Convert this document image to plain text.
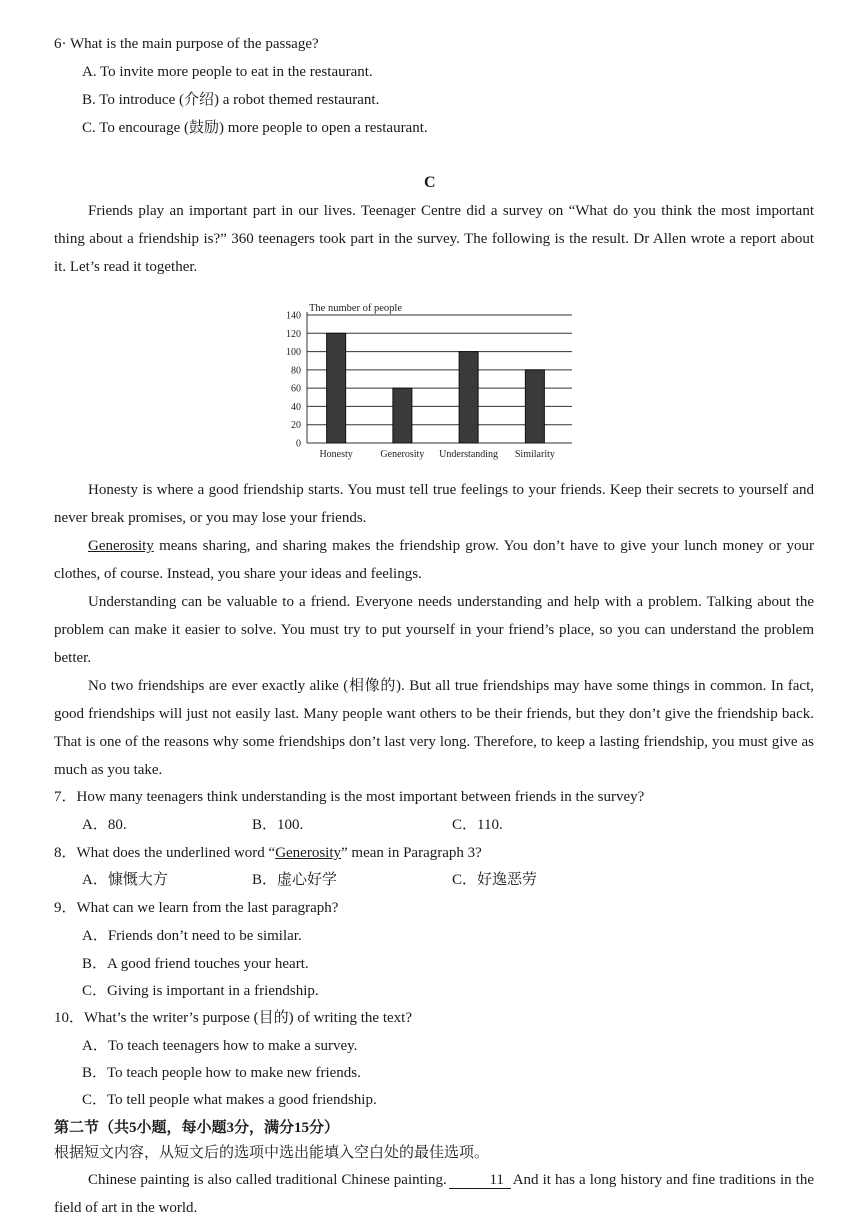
6· What is the main purpose of the passage?
A. To invite more people to eat in the restaurant.
B. To introduce (介绍) a robot themed restaurant.
C. To encourage (鼓励) more people to open a restaurant.
C

Friends play an important part in our lives. Teenager Centre did a survey on “What do you think the most important thing about a friendship is?” 360 teenagers took part in the survey. The following is the result. Dr Allen wrote a report about it. Let’s read it together.

0
20
40
60
80
100
120
140
The number of people
Honesty	Generosity Understanding Similarity

Honesty is where a good friendship starts. You must tell true feelings to your friends. Keep their secrets to yourself and never break promises, or you may lose your friends.

Generosity means sharing, and sharing makes the friendship grow. You don’t have to give your lunch money or your clothes, of course. Instead, you share your ideas and feelings.

Understanding can be valuable to a friend. Everyone needs understanding and help with a problem. Talking about the problem can make it easier to solve. You must try to put yourself in your friend’s place, so you can understand the problem better.

No two friendships are ever exactly alike (相像的). But all true friendships may have some things in common. In fact, good friendships will just not easily last. Many people want others to be their friends, but they don’t give the friendship back. That is one of the reasons why some friendships don’t last very long. Therefore, to keep a lasting friendship, you must give as much as you take.

7．How many teenagers think understanding is the most important between friends in the survey?
A．80.	B．100.	C．110.
8．What does the underlined word “Generosity” mean in Paragraph 3?
A．慷慨大方	B．虚心好学	C．好逸恶劳
9．What can we learn from the last paragraph?
A．Friends don’t need to be similar.
B．A good friend touches your heart.
C．Giving is important in a friendship.
10．What’s the writer’s purpose (目的) of writing the text?
A．To teach teenagers how to make a survey.
B．To teach people how to make new friends.
C．To tell people what makes a good friendship.
第二节（共5小题，每小题3分，满分15分）
根据短文内容，从短文后的选项中选出能填入空白处的最佳选项。

Chinese painting is also called traditional Chinese painting.	11 And it has a long history and fine traditions in the field of art in the world.
